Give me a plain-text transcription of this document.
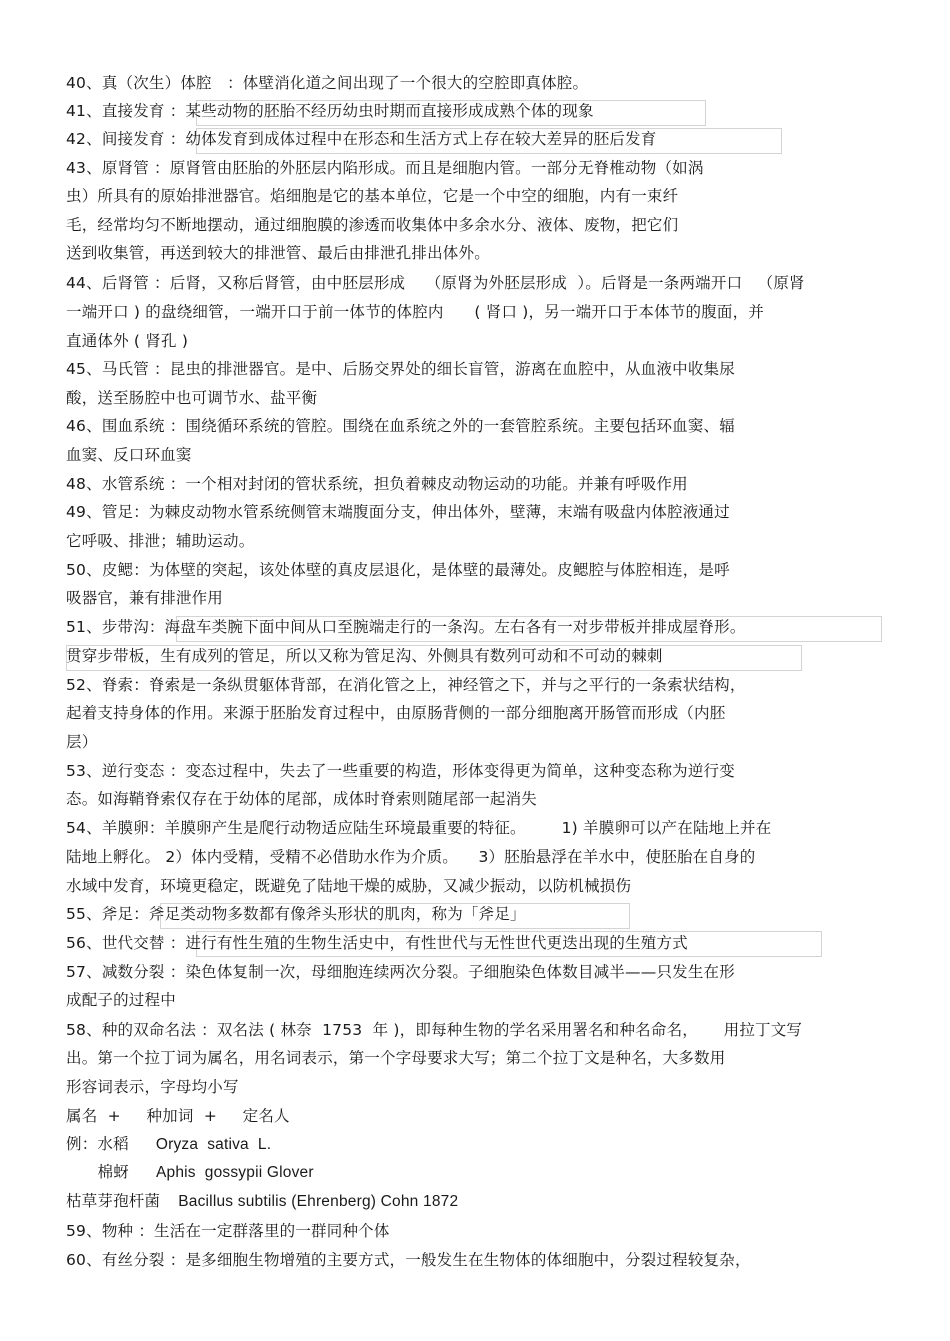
40、真（次生）体腔   ：体壁消化道之间出现了一个很大的空腔即真体腔。
41、直接发育 ：某些动物的胚胎不经历幼虫时期而直接形成成熟个体的现象
42、间接发育 ：幼体发育到成体过程中在形态和生活方式上存在较大差异的胚后发育
43、原肾管 ：原肾管由胚胎的外胚层内陷形成。而且是细胞内管。一部分无脊椎动物（如涡
虫）所具有的原始排泄器官。焰细胞是它的基本单位，它是一个中空的细胞，内有一束纤
毛，经常均匀不断地摆动，通过细胞膜的渗透而收集体中多余水分、液体、废物，把它们
送到收集管，再送到较大的排泄管、最后由排泄孔排出体外。
44、后肾管 ：后肾，又称后肾管，由中胚层形成    （原肾为外胚层形成  ）。后肾是一条两端开口   （原肾
一端开口 ) 的盘绕细管，一端开口于前一体节的体腔内      ( 肾口 )，另一端开口于本体节的腹面，并
直通体外 ( 肾孔 )
45、马氏管 ：昆虫的排泄器官。是中、后肠交界处的细长盲管，游离在血腔中，从血液中收集尿
酸，送至肠腔中也可调节水、盐平衡
46、围血系统 ：围绕循环系统的管腔。围绕在血系统之外的一套管腔系统。主要包括环血窦、辐
血窦、反口环血窦
48、水管系统 ：一个相对封闭的管状系统，担负着棘皮动物运动的功能。并兼有呼吸作用
49、管足：为棘皮动物水管系统侧管末端腹面分支，伸出体外，壁薄，末端有吸盘内体腔液通过
它呼吸、排泄；辅助运动。
50、皮鳃：为体壁的突起，该处体壁的真皮层退化，是体壁的最薄处。皮鳃腔与体腔相连，是呼
吸器官，兼有排泄作用
51、步带沟：海盘车类腕下面中间从口至腕端走行的一条沟。左右各有一对步带板并排成屋脊形。
贯穿步带板，生有成列的管足，所以又称为管足沟、外侧具有数列可动和不可动的棘刺
52、脊索：脊索是一条纵贯躯体背部，在消化管之上，神经管之下，并与之平行的一条索状结构，
起着支持身体的作用。来源于胚胎发育过程中，由原肠背侧的一部分细胞离开肠管而形成（内胚
层）
53、逆行变态 ：变态过程中，失去了一些重要的构造，形体变得更为简单，这种变态称为逆行变
态。如海鞘脊索仅存在于幼体的尾部，成体时脊索则随尾部一起消失
54、羊膜卵：羊膜卵产生是爬行动物适应陆生环境最重要的特征。       1) 羊膜卵可以产在陆地上并在
陆地上孵化。 2）体内受精，受精不必借助水作为介质。    3）胚胎悬浮在羊水中，使胚胎在自身的
水域中发育，环境更稳定，既避免了陆地干燥的威胁，又减少振动，以防机械损伤
55、斧足：斧足类动物多数都有像斧头形状的肌肉，称为「斧足」
56、世代交替 ：进行有性生殖的生物生活史中，有性世代与无性世代更迭出现的生殖方式
57、减数分裂 ：染色体复制一次，母细胞连续两次分裂。子细胞染色体数目减半——只发生在形
成配子的过程中
58、种的双命名法 ：双名法 ( 林奈  1753  年 )，即每种生物的学名采用署名和种名命名，     用拉丁文写
出。第一个拉丁词为属名，用名词表示，第一个字母要求大写；第二个拉丁文是种名，大多数用
形容词表示，字母均小写
属名  +     种加词  +     定名人
例：水稻      Oryza  sativa  L.
棉蚜      Aphis  gossypii Glover
枯草芽孢杆菌    Bacillus subtilis (Ehrenberg) Cohn 1872
59、物种 ：生活在一定群落里的一群同种个体
60、有丝分裂 ：是多细胞生物增殖的主要方式，一般发生在生物体的体细胞中，分裂过程较复杂，
